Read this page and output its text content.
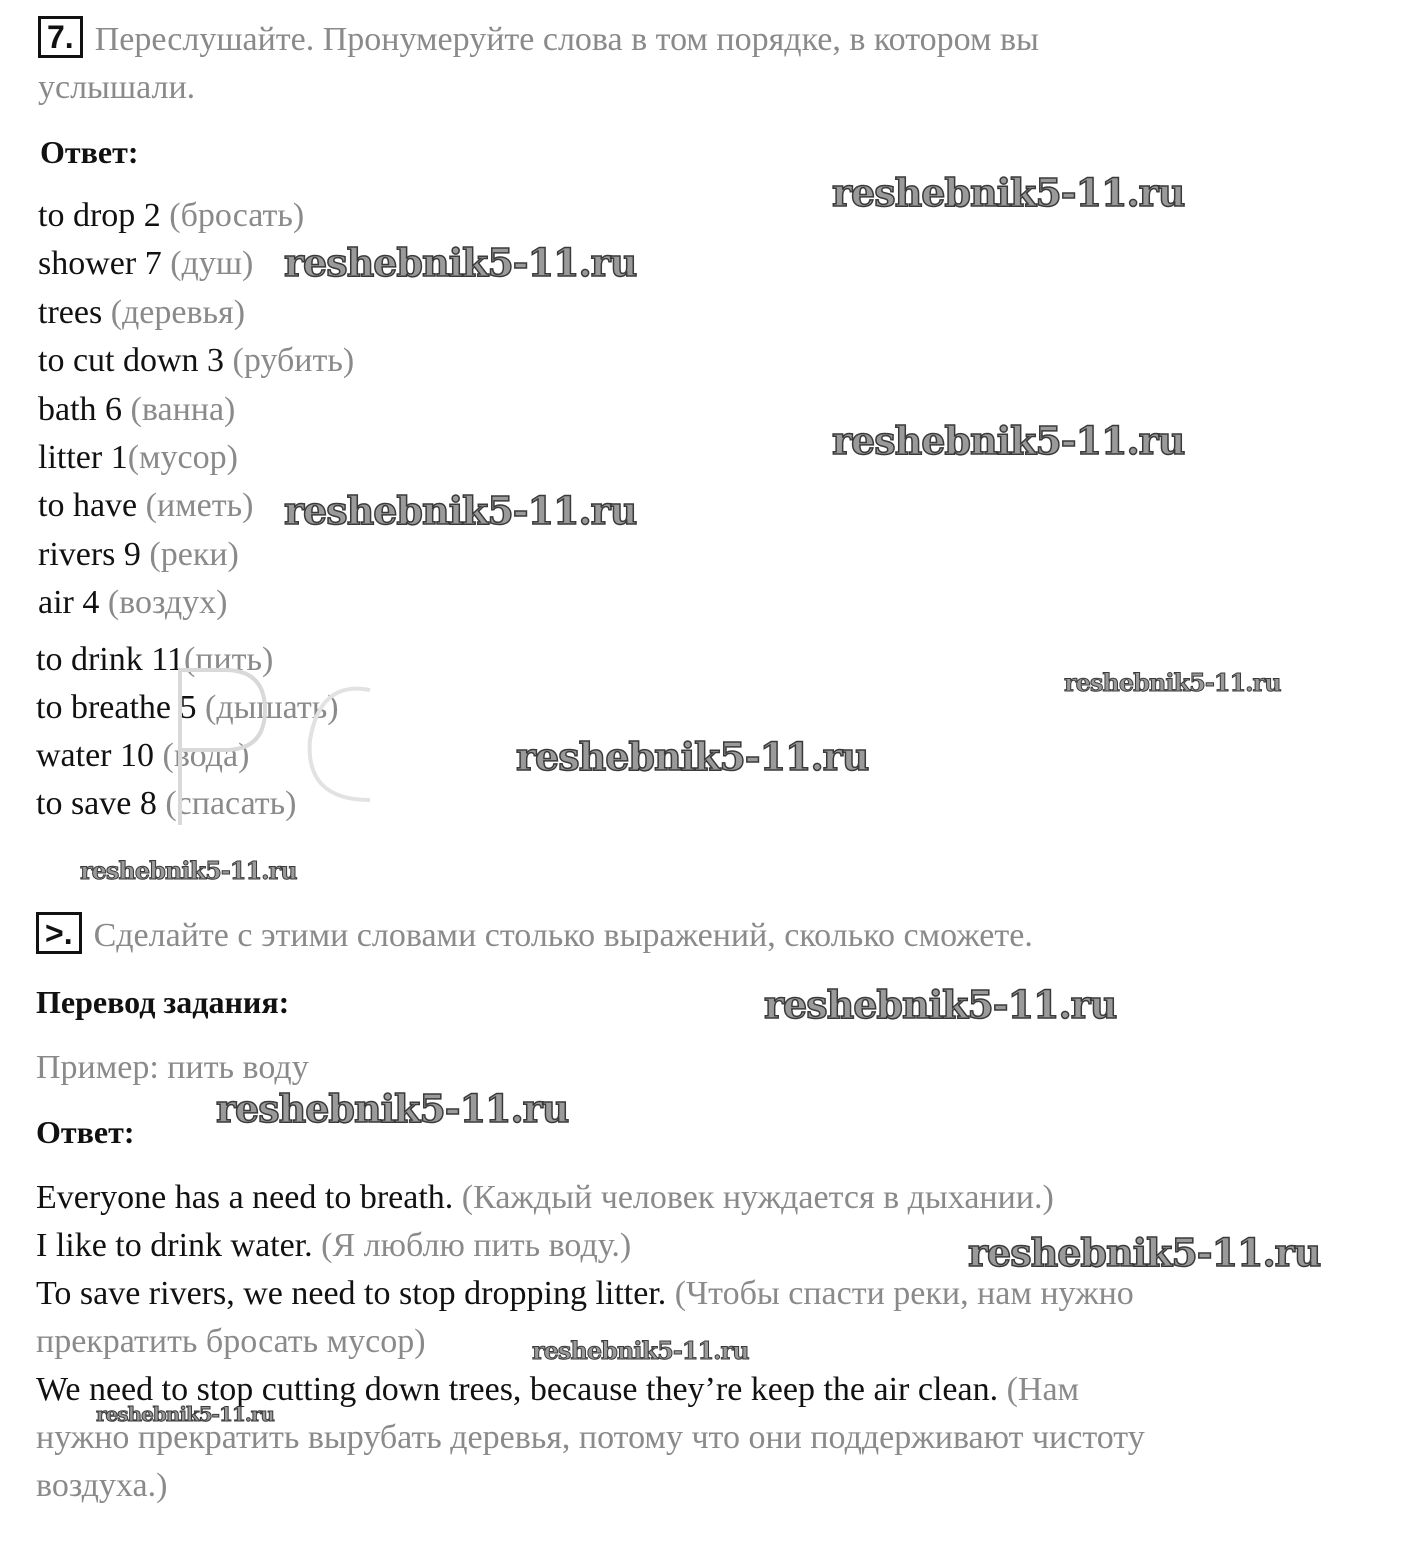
7. Переслушайте. Пронумеруйте слова в том порядке, в котором вы
услышали.
Ответ:
to drop 2 (бросать)
shower 7 (душ)
trees (деревья)
to cut down 3 (рубить)
bath 6 (ванна)
litter 1(мусор)
to have (иметь)
rivers 9 (реки)
air 4 (воздух)
to drink 11(пить)
to breathe 5 (дышать)
water 10 (вода)
to save 8 (спасать)
>. Сделайте с этими словами столько выражений, сколько сможете.
Перевод задания:
Пример: пить воду
Ответ:
Everyone has a need to breath. (Каждый человек нуждается в дыхании.)
I like to drink water. (Я люблю пить воду.)
To save rivers, we need to stop dropping litter. (Чтобы спасти реки, нам нужно
прекратить бросать мусор)
We need to stop cutting down trees, because they’re keep the air clean. (Нам
нужно прекратить вырубать деревья, потому что они поддерживают чистоту
воздуха.)
reshebnik5-11.ru
reshebnik5-11.ru
reshebnik5-11.ru
reshebnik5-11.ru
reshebnik5-11.ru
reshebnik5-11.ru
reshebnik5-11.ru
reshebnik5-11.ru
reshebnik5-11.ru
reshebnik5-11.ru
reshebnik5-11.ru
reshebnik5-11.ru
